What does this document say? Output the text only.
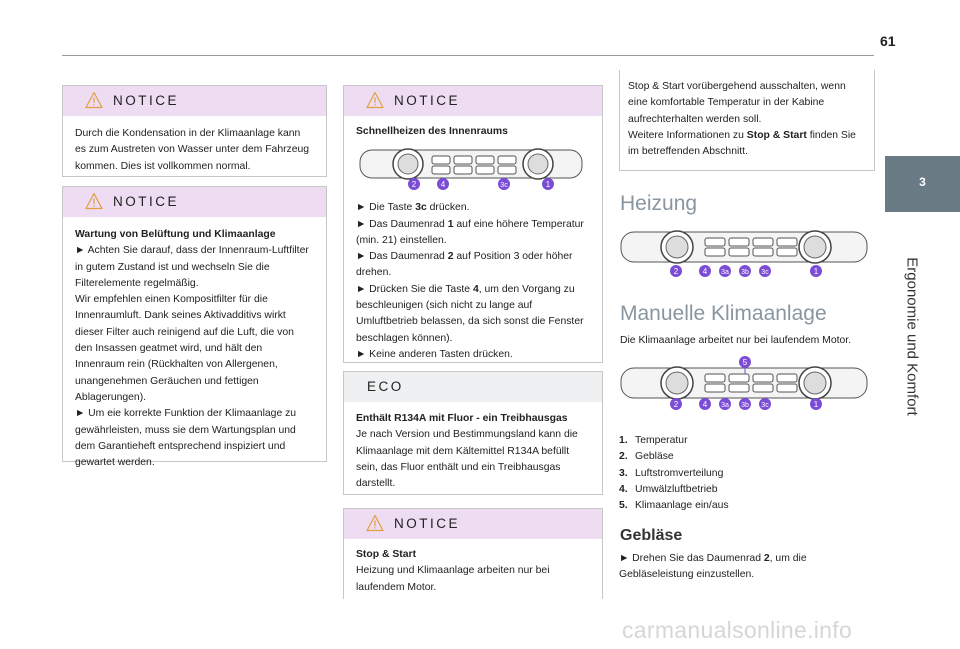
61
3
Ergonomie und Komfort
NOTICE
Durch die Kondensation in der Klimaanlage kann es zum Austreten von Wasser unter dem Fahrzeug kommen. Dies ist vollkommen normal.
NOTICE
Wartung von Belüftung und Klimaanlage
► Achten Sie darauf, dass der Innenraum-Luftfilter in gutem Zustand ist und wechseln Sie die Filterelemente regelmäßig.
Wir empfehlen einen Kompositfilter für die Innenraumluft. Dank seines Aktivadditivs wirkt dieser Filter auch reinigend auf die Luft, die von den Insassen geatmet wird, und hält den Innenraum rein (Rückhalten von Allergenen, unangenehmen Geräuchen und fettigen Ablagerungen).
► Um eie korrekte Funktion der Klimaanlage zu gewährleisten, muss sie dem Wartungsplan und dem Garantieheft entsprechend inspiziert und gewartet werden.
NOTICE
Schnellheizen des Innenraums
2	4	3c	1
► Die Taste 3c drücken.
► Das Daumenrad 1 auf eine höhere Temperatur (min. 21) einstellen.
► Das Daumenrad 2 auf Position 3 oder höher drehen.
► Drücken Sie die Taste 4, um den Vorgang zu beschleunigen (sich nicht zu lange auf Umluftbetrieb belassen, da sich sonst die Fenster beschlagen können).
► Keine anderen Tasten drücken.
ECO
Enthält R134A mit Fluor - ein Treibhausgas
Je nach Version und Bestimmungsland kann die Klimaanlage mit dem Kältemittel R134A befüllt sein, das Fluor enthält und ein Treibhausgas darstellt.
NOTICE
Stop & Start
Heizung und Klimaanlage arbeiten nur bei laufendem Motor.
Stop & Start vorübergehend ausschalten, wenn eine komfortable Temperatur in der Kabine aufrechterhalten werden soll.
Weitere Informationen zu Stop & Start finden Sie im betreffenden Abschnitt.
Heizung
2	4 3a 3b 3c	1
Manuelle Klimaanlage
Die Klimaanlage arbeitet nur bei laufendem Motor.
5
2	4 3a 3b 3c	1
1. Temperatur
2. Gebläse
3. Luftstromverteilung
4. Umwälzluftbetrieb
5. Klimaanlage ein/aus
Gebläse
► Drehen Sie das Daumenrad 2, um die Gebläseleistung einzustellen.
carmanualsonline.info
